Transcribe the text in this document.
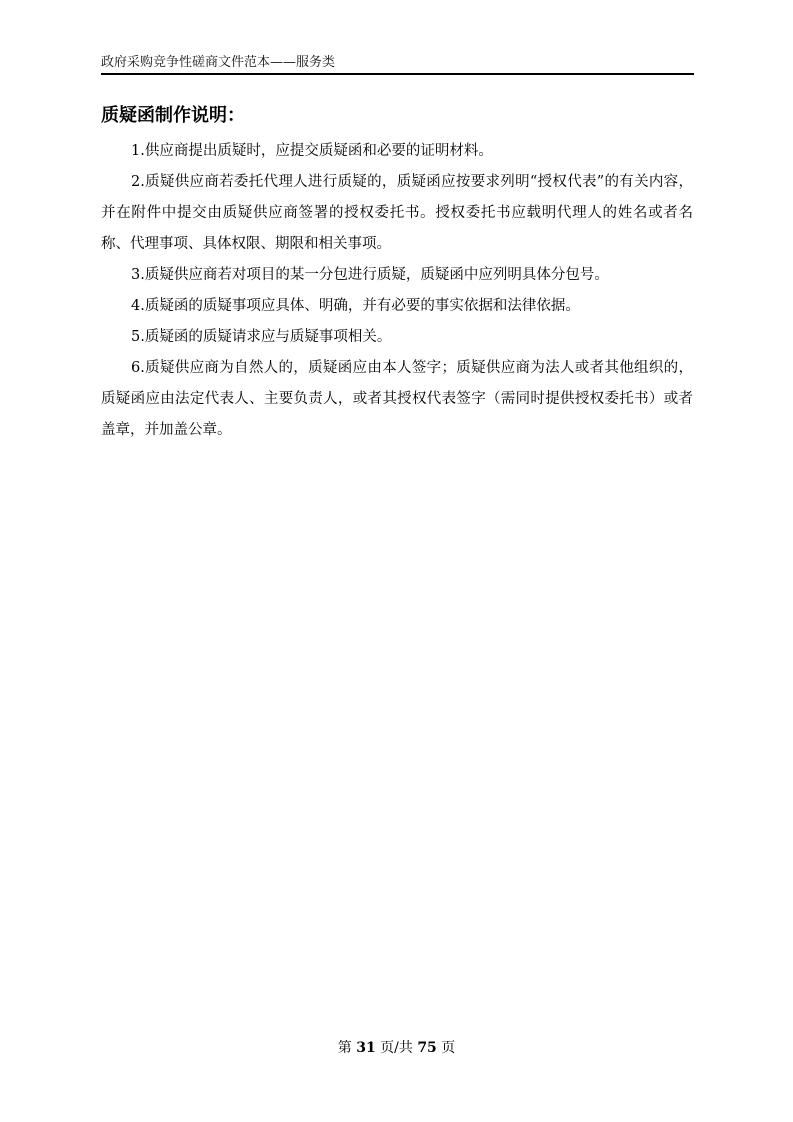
政府采购竞争性磋商文件范本——服务类
质疑函制作说明：

1.供应商提出质疑时，应提交质疑函和必要的证明材料。

2.质疑供应商若委托代理人进行质疑的，质疑函应按要求列明“授权代表”的有关内容，并在附件中提交由质疑供应商签署的授权委托书。授权委托书应载明代理人的姓名或者名称、代理事项、具体权限、期限和相关事项。

3.质疑供应商若对项目的某一分包进行质疑，质疑函中应列明具体分包号。

4.质疑函的质疑事项应具体、明确，并有必要的事实依据和法律依据。

5.质疑函的质疑请求应与质疑事项相关。

6.质疑供应商为自然人的，质疑函应由本人签字；质疑供应商为法人或者其他组织的，质疑函应由法定代表人、主要负责人，或者其授权代表签字（需同时提供授权委托书）或者盖章，并加盖公章。

第 31 页/共 75 页
